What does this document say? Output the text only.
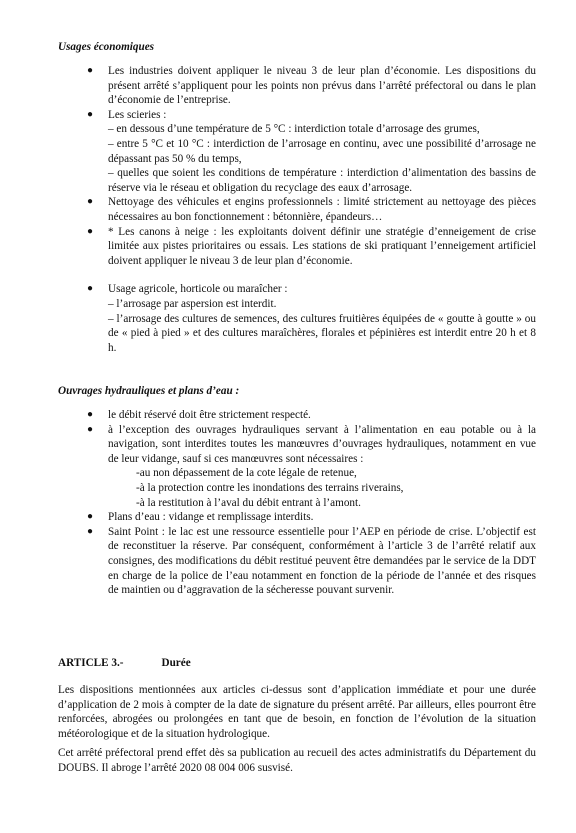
Usages économiques
● Les industries doivent appliquer le niveau 3 de leur plan d’économie. Les dispositions du présent arrêté s’appliquent pour les points non prévus dans l’arrêté préfectoral ou dans le plan d’économie de l’entreprise.
● Les scieries :
– en dessous d’une température de 5 °C : interdiction totale d’arrosage des grumes,
– entre 5 °C et 10 °C : interdiction de l’arrosage en continu, avec une possibilité d’arrosage ne dépassant pas 50 % du temps,
– quelles que soient les conditions de température : interdiction d’alimentation des bassins de réserve via le réseau et obligation du recyclage des eaux d’arrosage.
● Nettoyage des véhicules et engins professionnels : limité strictement au nettoyage des pièces nécessaires au bon fonctionnement : bétonnière, épandeurs…
● * Les canons à neige : les exploitants doivent définir une stratégie d’enneigement de crise limitée aux pistes prioritaires ou essais. Les stations de ski pratiquant l’enneigement artificiel doivent appliquer le niveau 3 de leur plan d’économie.
● Usage agricole, horticole ou maraîcher :
– l’arrosage par aspersion est interdit.
– l’arrosage des cultures de semences, des cultures fruitières équipées de « goutte à goutte » ou de « pied à pied » et des cultures maraîchères, florales et pépinières est interdit entre 20 h et 8 h.
Ouvrages hydrauliques et plans d’eau :
● le débit réservé doit être strictement respecté.
● à l’exception des ouvrages hydrauliques servant à l’alimentation en eau potable ou à la navigation, sont interdites toutes les manœuvres d’ouvrages hydrauliques, notamment en vue de leur vidange, sauf si ces manœuvres sont nécessaires :
-au non dépassement de la cote légale de retenue,
-à la protection contre les inondations des terrains riverains,
-à la restitution à l’aval du débit entrant à l’amont.
● Plans d’eau : vidange et remplissage interdits.
● Saint Point : le lac est une ressource essentielle pour l’AEP en période de crise. L’objectif est de reconstituer la réserve. Par conséquent, conformément à l’article 3 de l’arrêté relatif aux consignes, des modifications du débit restitué peuvent être demandées par le service de la DDT en charge de la police de l’eau notamment en fonction de la période de l’année et des risques de maintien ou d’aggravation de la sécheresse pouvant survenir.
ARTICLE 3.-	Durée
Les dispositions mentionnées aux articles ci-dessus sont d’application immédiate et pour une durée d’application de 2 mois à compter de la date de signature du présent arrêté. Par ailleurs, elles pourront être renforcées, abrogées ou prolongées en tant que de besoin, en fonction de l’évolution de la situation météorologique et de la situation hydrologique.
Cet arrêté préfectoral prend effet dès sa publication au recueil des actes administratifs du Département du DOUBS. Il abroge l’arrêté 2020 08 004 006 susvisé.
